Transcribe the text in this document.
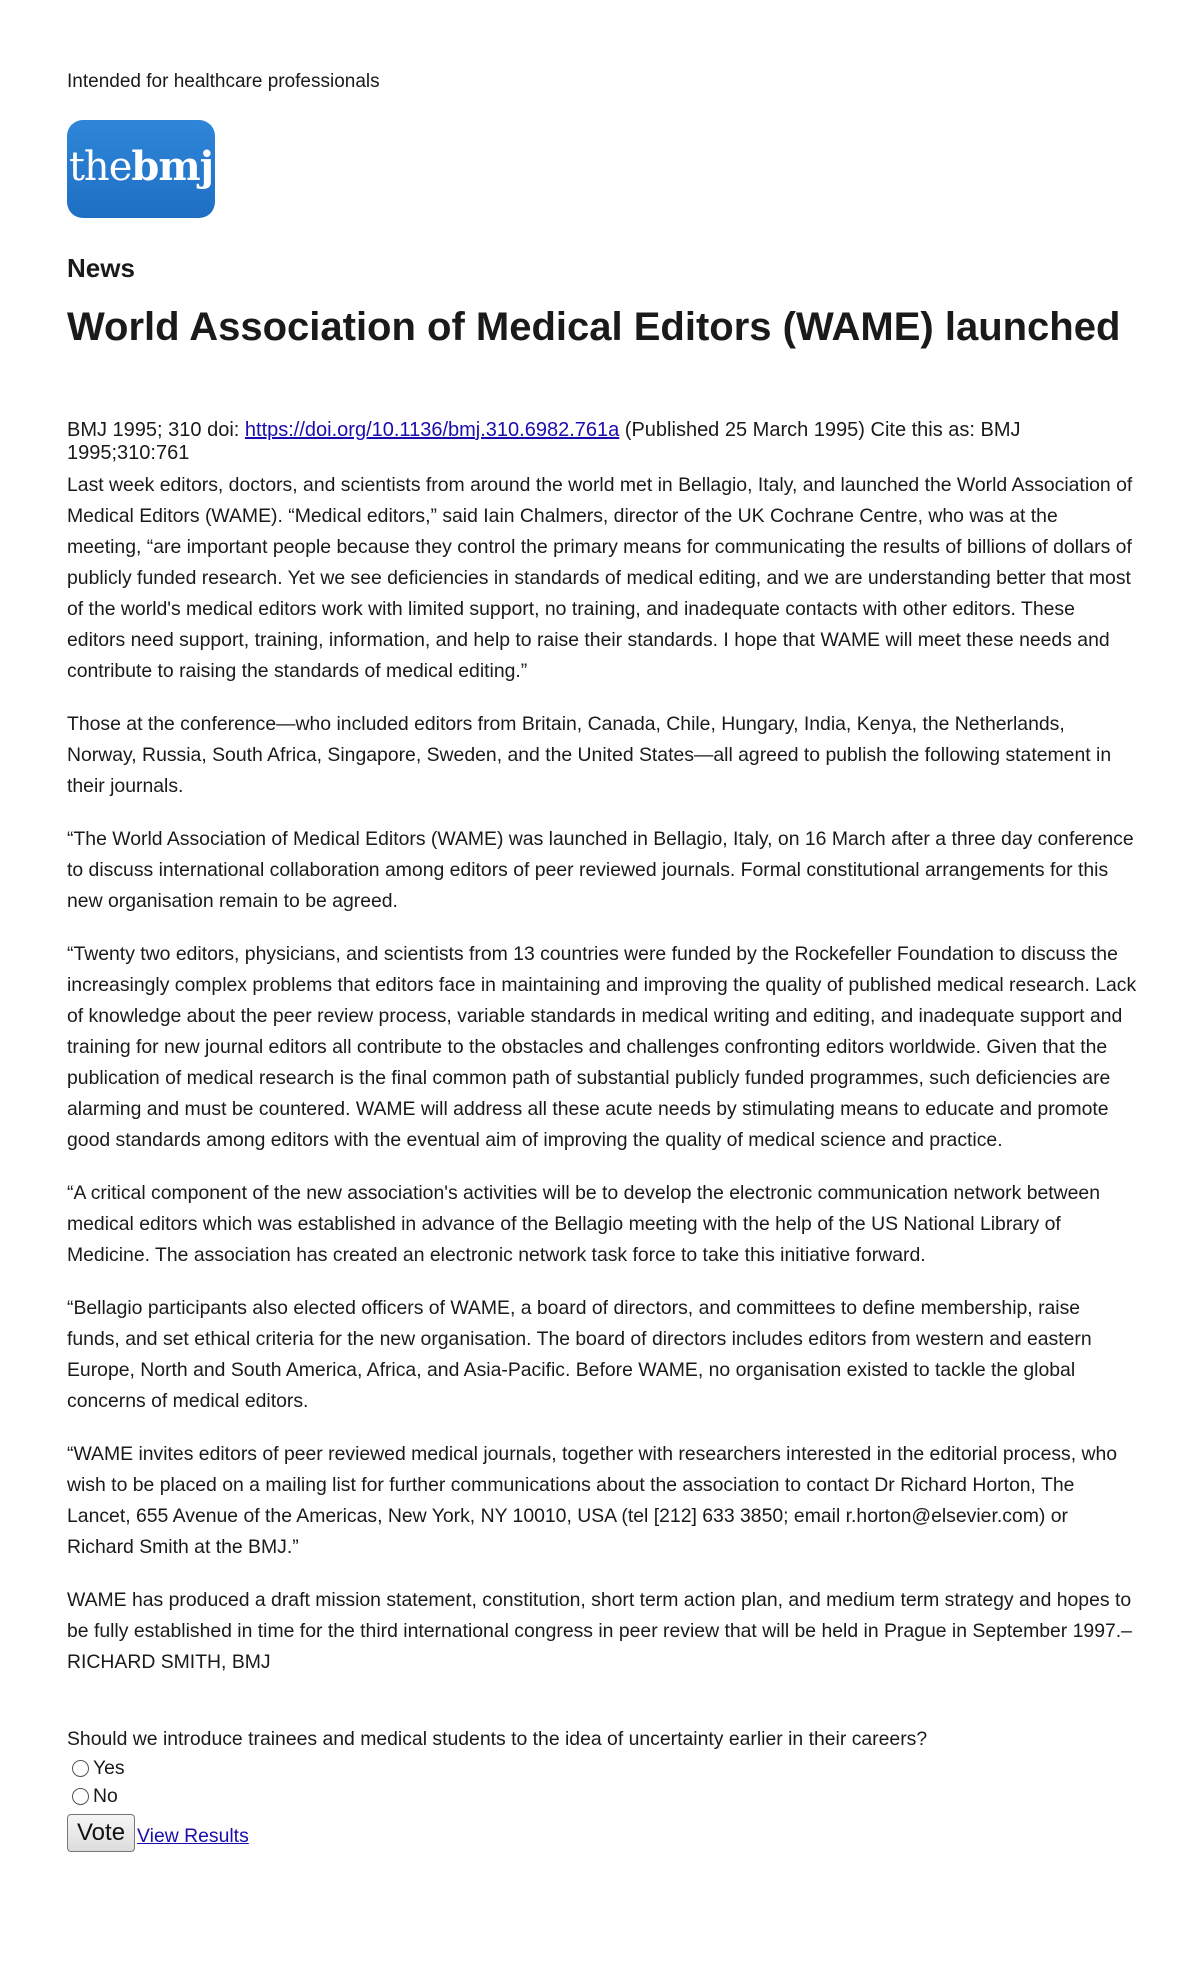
Intended for healthcare professionals

thebmj
News
World Association of Medical Editors (WAME) launched

BMJ 1995; 310 doi: https://doi.org/10.1136/bmj.310.6982.761a (Published 25 March 1995) Cite this as: BMJ 1995;310:761

Last week editors, doctors, and scientists from around the world met in Bellagio, Italy, and launched the World Association of Medical Editors (WAME). “Medical editors,” said Iain Chalmers, director of the UK Cochrane Centre, who was at the meeting, “are important people because they control the primary means for communicating the results of billions of dollars of publicly funded research. Yet we see deficiencies in standards of medical editing, and we are understanding better that most of the world's medical editors work with limited support, no training, and inadequate contacts with other editors. These editors need support, training, information, and help to raise their standards. I hope that WAME will meet these needs and contribute to raising the standards of medical editing.”

Those at the conference—who included editors from Britain, Canada, Chile, Hungary, India, Kenya, the Netherlands, Norway, Russia, South Africa, Singapore, Sweden, and the United States—all agreed to publish the following statement in their journals.

“The World Association of Medical Editors (WAME) was launched in Bellagio, Italy, on 16 March after a three day conference to discuss international collaboration among editors of peer reviewed journals. Formal constitutional arrangements for this new organisation remain to be agreed.

“Twenty two editors, physicians, and scientists from 13 countries were funded by the Rockefeller Foundation to discuss the increasingly complex problems that editors face in maintaining and improving the quality of published medical research. Lack of knowledge about the peer review process, variable standards in medical writing and editing, and inadequate support and training for new journal editors all contribute to the obstacles and challenges confronting editors worldwide. Given that the publication of medical research is the final common path of substantial publicly funded programmes, such deficiencies are alarming and must be countered. WAME will address all these acute needs by stimulating means to educate and promote good standards among editors with the eventual aim of improving the quality of medical science and practice.

“A critical component of the new association's activities will be to develop the electronic communication network between medical editors which was established in advance of the Bellagio meeting with the help of the US National Library of Medicine. The association has created an electronic network task force to take this initiative forward.

“Bellagio participants also elected officers of WAME, a board of directors, and committees to define membership, raise funds, and set ethical criteria for the new organisation. The board of directors includes editors from western and eastern Europe, North and South America, Africa, and Asia-Pacific. Before WAME, no organisation existed to tackle the global concerns of medical editors.

“WAME invites editors of peer reviewed medical journals, together with researchers interested in the editorial process, who wish to be placed on a mailing list for further communications about the association to contact Dr Richard Horton, The Lancet, 655 Avenue of the Americas, New York, NY 10010, USA (tel [212] 633 3850; email r.horton@elsevier.com) or Richard Smith at the BMJ.”

WAME has produced a draft mission statement, constitution, short term action plan, and medium term strategy and hopes to be fully established in time for the third international congress in peer review that will be held in Prague in September 1997.–RICHARD SMITH, BMJ

Should we introduce trainees and medical students to the idea of uncertainty earlier in their careers?

Yes
No
Vote View Results
